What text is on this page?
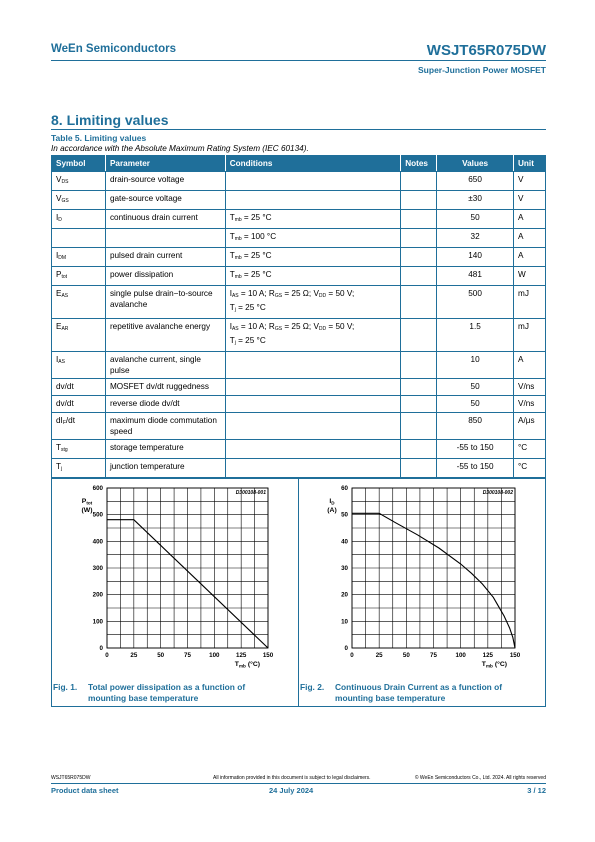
WeEn Semiconductors	WSJT65R075DW
Super-Junction Power MOSFET
8. Limiting values
Table 5. Limiting values
In accordance with the Absolute Maximum Rating System (IEC 60134).
Symbol	Parameter	Conditions	Notes	Values	Unit
$V_{DS}$	drain-source voltage			650	V
$V_{GS}$	gate-source voltage			±30	V
$I_D$	continuous drain current	$T_{mb} = 25$ °C		50	A
		$T_{mb} = 100$ °C		32	A
$I_{DM}$	pulsed drain current	$T_{mb} = 25$ °C		140	A
$P_{tot}$	power dissipation	$T_{mb} = 25$ °C		481	W
$E_{AS}$	single pulse drain−to-source avalanche	$I_{AS} = 10$ A; $R_{GS} = 25$ Ω; $V_{DD} = 50$ V;
$T_j = 25$ °C		500	mJ
$E_{AR}$	repetitive avalanche energy	$I_{AS} = 10$ A; $R_{GS} = 25$ Ω; $V_{DD} = 50$ V;
$T_j = 25$ °C		1.5	mJ
$I_{AS}$	avalanche current, single pulse			10	A
dv/dt	MOSFET dv/dt ruggedness			50	V/ns
dv/dt	reverse diode dv/dt			50	V/ns
$dI_F/dt$	maximum diode commutation speed			850	A/μs
$T_{stg}$	storage temperature			-55 to 150	°C
$T_j$	junction temperature			-55 to 150	°C
0	25	50	75	100	125	150
0
100
200
300
400
500
600
D300108-001
$P_{tot}$
(W)
$T_{mb}$ (°C)
0	25	50	75	100	125	150
0
10
20
30
40
50
60
D300108-002
$I_D$
(A)
$T_{mb}$ (°C)
Fig. 1. Total power dissipation as a function of
mounting base temperature
Fig. 2. Continuous Drain Current as a function of
mounting base temperature
WSJT65R075DW	All information provided in this document is subject to legal disclaimers.	© WeEn Semiconductors Co., Ltd. 2024. All rights reserved
Product data sheet	24 July 2024	3 / 12
